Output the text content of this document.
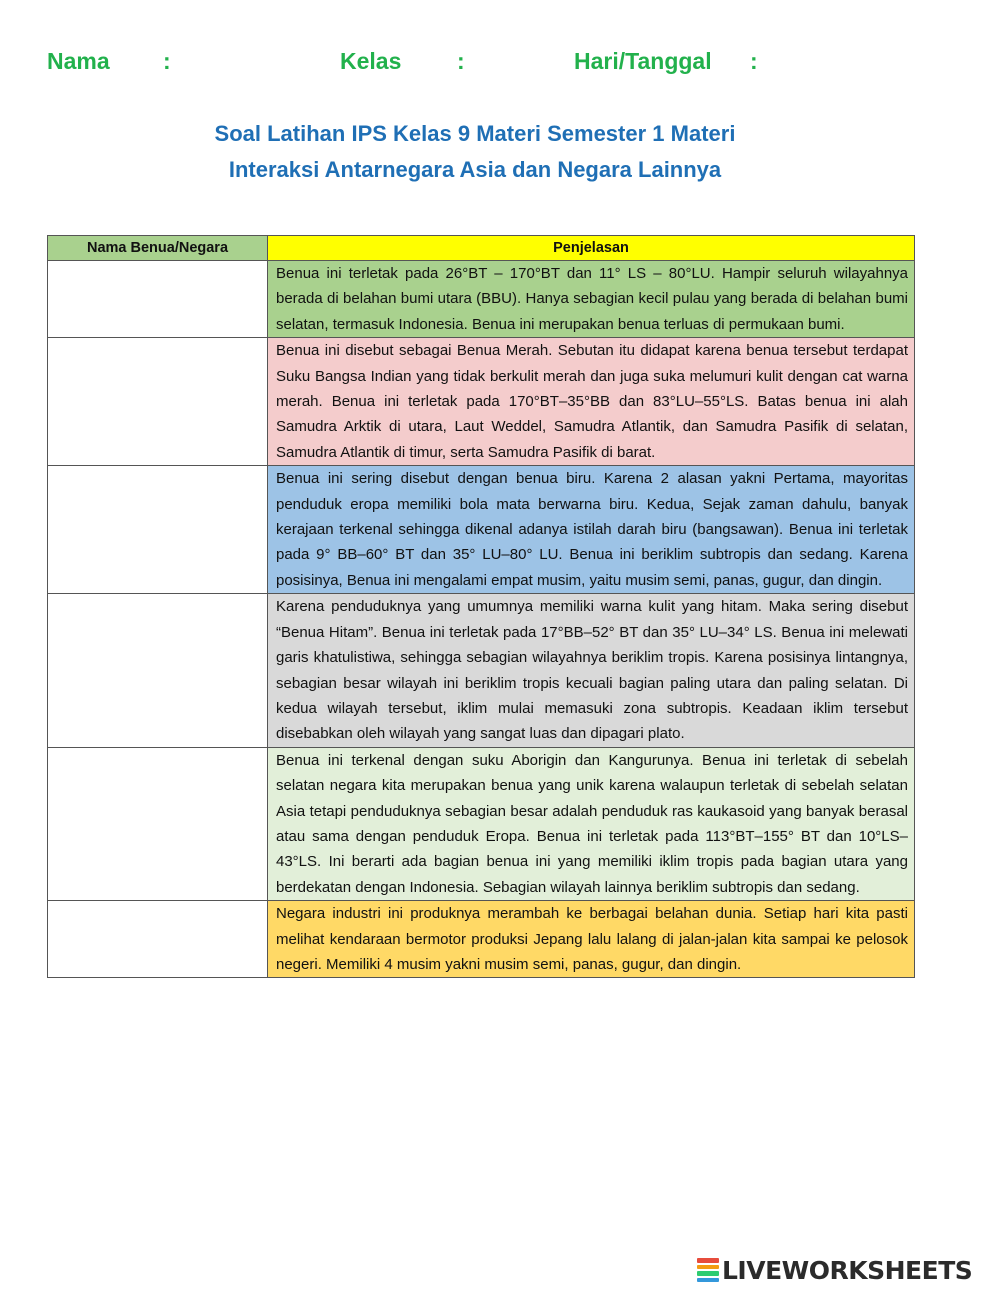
Nama :	Kelas :	Hari/Tanggal :
Soal Latihan IPS Kelas 9 Materi Semester 1 Materi
Interaksi Antarnegara Asia dan Negara Lainnya
Nama Benua/Negara	Penjelasan
	Benua ini terletak pada 26°BT – 170°BT dan 11° LS – 80°LU. Hampir seluruh wilayahnya berada di belahan bumi utara (BBU). Hanya sebagian kecil pulau yang berada di belahan bumi selatan, termasuk Indonesia. Benua ini merupakan benua terluas di permukaan bumi.
	Benua ini disebut sebagai Benua Merah. Sebutan itu didapat karena benua tersebut terdapat Suku Bangsa Indian yang tidak berkulit merah dan juga suka melumuri kulit dengan cat warna merah. Benua ini terletak pada 170°BT–35°BB dan 83°LU–55°LS. Batas benua ini alah Samudra Arktik di utara, Laut Weddel, Samudra Atlantik, dan Samudra Pasifik di selatan, Samudra Atlantik di timur, serta Samudra Pasifik di barat.
	Benua ini sering disebut dengan benua biru. Karena 2 alasan yakni Pertama, mayoritas penduduk eropa memiliki bola mata berwarna biru. Kedua, Sejak zaman dahulu, banyak kerajaan terkenal sehingga dikenal adanya istilah darah biru (bangsawan). Benua ini terletak pada 9° BB–60° BT dan 35° LU–80° LU. Benua ini beriklim subtropis dan sedang. Karena posisinya, Benua ini mengalami empat musim, yaitu musim semi, panas, gugur, dan dingin.
	Karena penduduknya yang umumnya memiliki warna kulit yang hitam. Maka sering disebut “Benua Hitam”. Benua ini terletak pada 17°BB–52° BT dan 35° LU–34° LS. Benua ini melewati garis khatulistiwa, sehingga sebagian wilayahnya beriklim tropis. Karena posisinya lintangnya, sebagian besar wilayah ini beriklim tropis kecuali bagian paling utara dan paling selatan. Di kedua wilayah tersebut, iklim mulai memasuki zona subtropis. Keadaan iklim tersebut disebabkan oleh wilayah yang sangat luas dan dipagari plato.
	Benua ini terkenal dengan suku Aborigin dan Kangurunya. Benua ini terletak di sebelah selatan negara kita merupakan benua yang unik karena walaupun terletak di sebelah selatan Asia tetapi penduduknya sebagian besar adalah penduduk ras kaukasoid yang banyak berasal atau sama dengan penduduk Eropa. Benua ini terletak pada 113°BT–155° BT dan 10°LS–43°LS. Ini berarti ada bagian benua ini yang memiliki iklim tropis pada bagian utara yang berdekatan dengan Indonesia. Sebagian wilayah lainnya beriklim subtropis dan sedang.
	Negara industri ini produknya merambah ke berbagai belahan dunia. Setiap hari kita pasti melihat kendaraan bermotor produksi Jepang lalu lalang di jalan-jalan kita sampai ke pelosok negeri. Memiliki 4 musim yakni musim semi, panas, gugur, dan dingin.
LIVEWORKSHEETS
